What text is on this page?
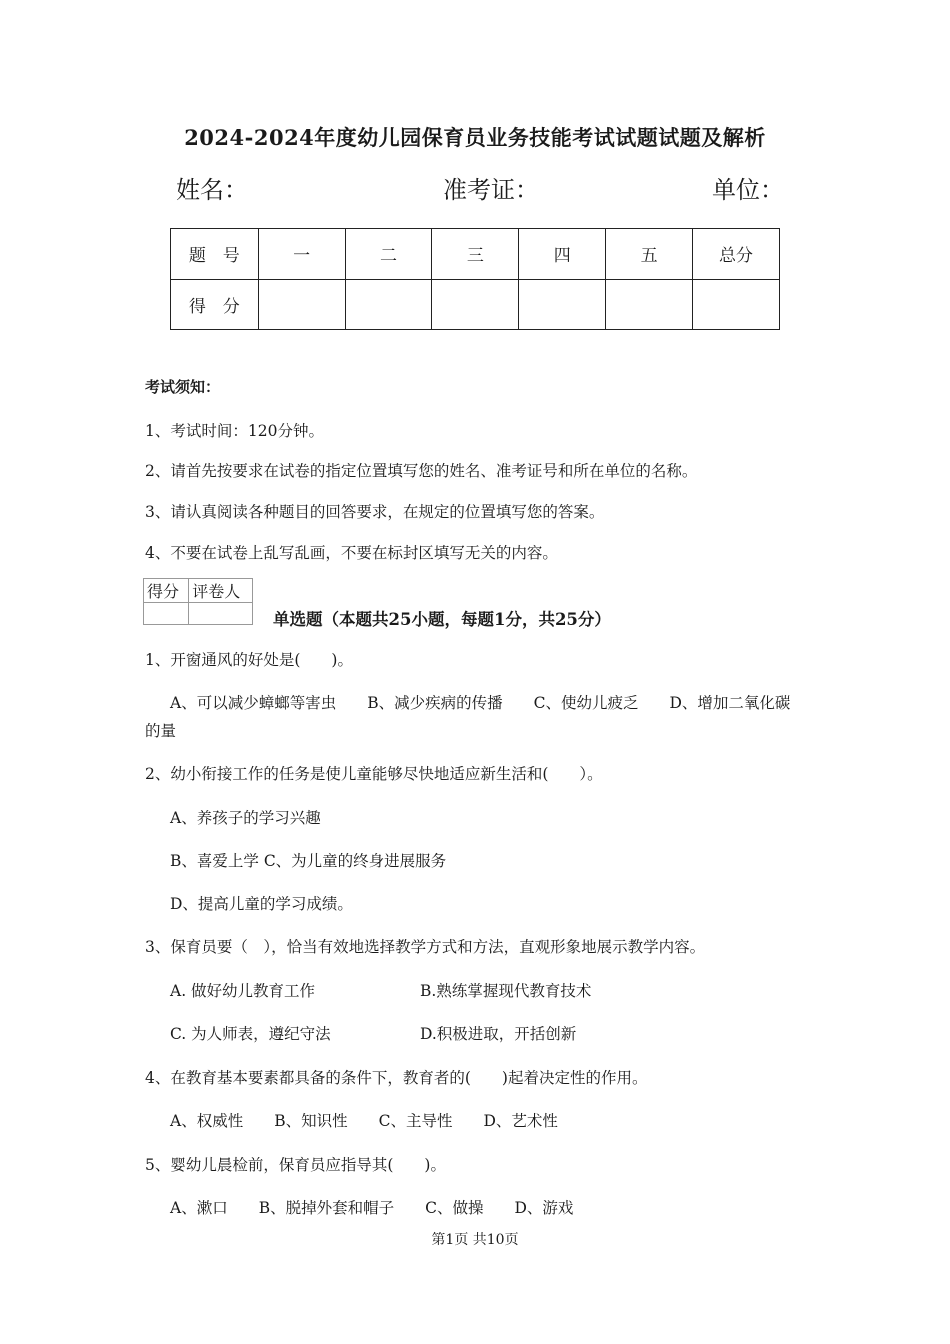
2024-2024年度幼儿园保育员业务技能考试试题试题及解析
姓名：	准考证：	单位：
题　号	一	二	三	四	五	总分
得　分						
考试须知：
1、考试时间：120分钟。
2、请首先按要求在试卷的指定位置填写您的姓名、准考证号和所在单位的名称。
3、请认真阅读各种题目的回答要求，在规定的位置填写您的答案。
4、不要在试卷上乱写乱画，不要在标封区填写无关的内容。
得分	评卷人

单选题（本题共25小题，每题1分，共25分）
1、开窗通风的好处是(　　)。
A、可以减少蟑螂等害虫　　B、减少疾病的传播　　C、使幼儿疲乏　　D、增加二氧化碳
的量
2、幼小衔接工作的任务是使儿童能够尽快地适应新生活和(　　）。
A、养孩子的学习兴趣
B、喜爱上学 C、为儿童的终身进展服务
D、提高儿童的学习成绩。
3、保育员要（　），恰当有效地选择教学方式和方法，直观形象地展示教学内容。
A. 做好幼儿教育工作	B.熟练掌握现代教育技术
C. 为人师表，遵纪守法	D.积极进取，开括创新
4、在教育基本要素都具备的条件下，教育者的(　　)起着决定性的作用。
A、权威性　　B、知识性　　C、主导性　　D、艺术性
5、婴幼儿晨检前，保育员应指导其(　　)。
A、漱口　　B、脱掉外套和帽子　　C、做操　　D、游戏
第1页 共10页
